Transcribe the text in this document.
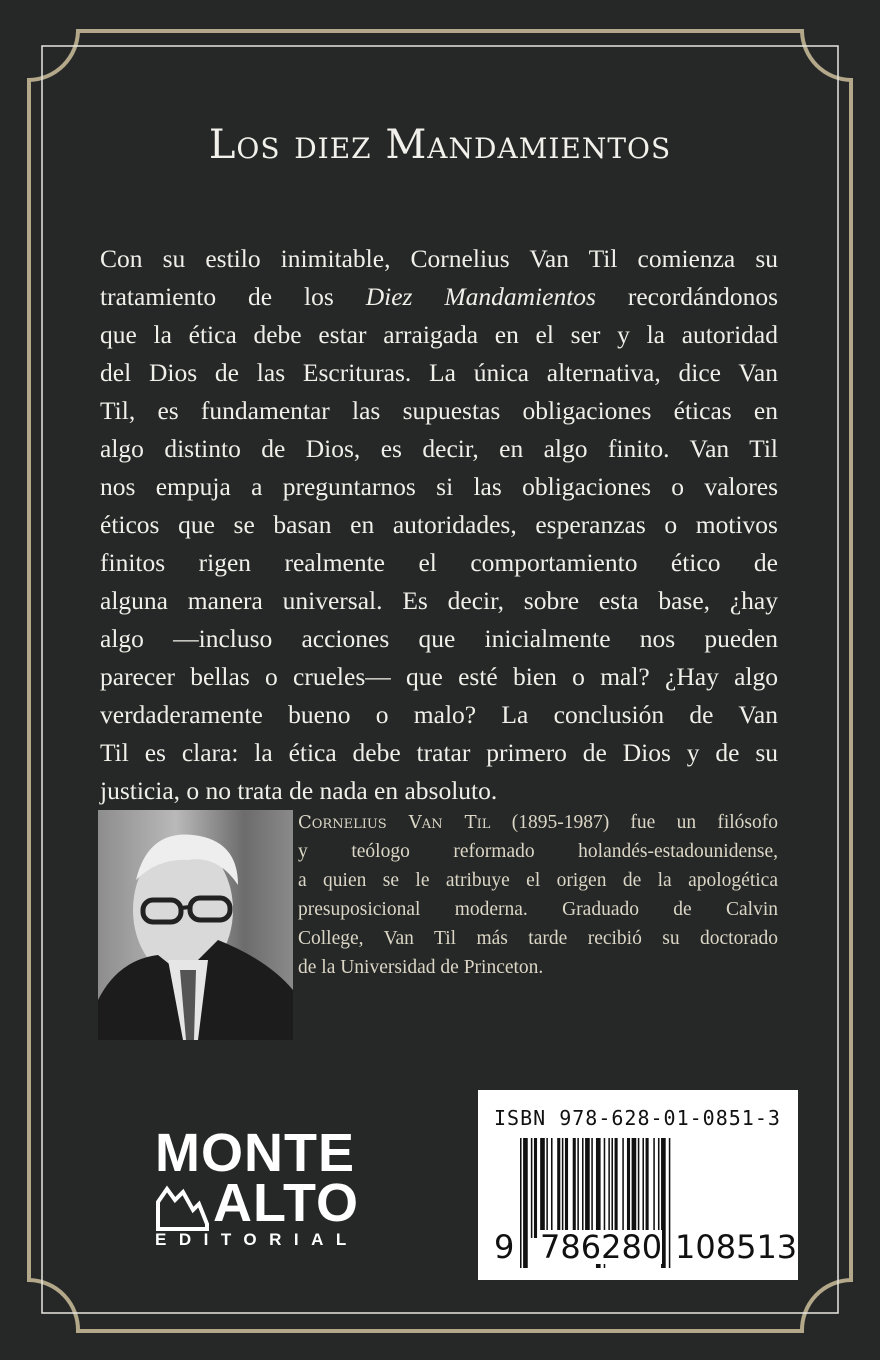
Los diez Mandamientos
Con su estilo inimitable, Cornelius Van Til comienza su
tratamiento de los Diez Mandamientos recordándonos
que la ética debe estar arraigada en el ser y la autoridad
del Dios de las Escrituras. La única alternativa, dice Van
Til, es fundamentar las supuestas obligaciones éticas en
algo distinto de Dios, es decir, en algo finito. Van Til
nos empuja a preguntarnos si las obligaciones o valores
éticos que se basan en autoridades, esperanzas o motivos
finitos rigen realmente el comportamiento ético de
alguna manera universal. Es decir, sobre esta base, ¿hay
algo —incluso acciones que inicialmente nos pueden
parecer bellas o crueles— que esté bien o mal? ¿Hay algo
verdaderamente bueno o malo? La conclusión de Van
Til es clara: la ética debe tratar primero de Dios y de su
justicia, o no trata de nada en absoluto.
Cornelius Van Til (1895-1987) fue un filósofo
y teólogo reformado holandés-estadounidense,
a quien se le atribuye el origen de la apologética
presuposicional moderna. Graduado de Calvin
College, Van Til más tarde recibió su doctorado
de la Universidad de Princeton.
MONTE
ALTO
EDITORIAL
ISBN 978-628-01-0851-3
9 786280 108513
